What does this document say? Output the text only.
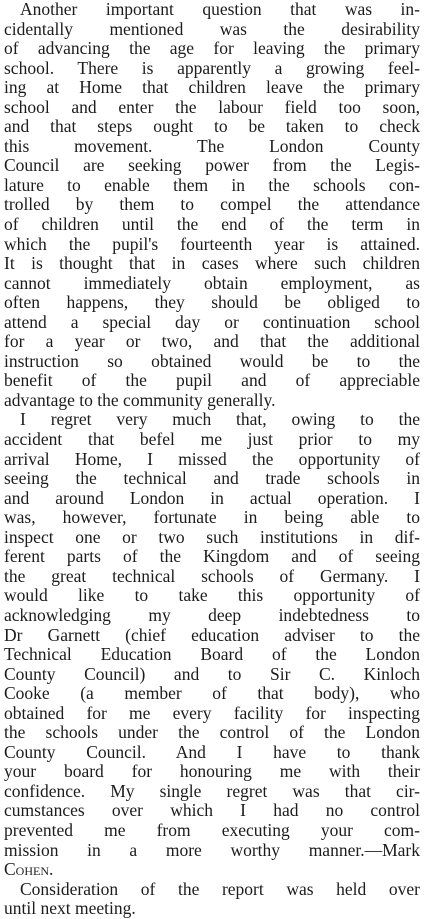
Another important question that was in-
cidentally mentioned was the desirability
of advancing the age for leaving the primary
school. There is apparently a growing feel-
ing at Home that children leave the primary
school and enter the labour field too soon,
and that steps ought to be taken to check
this movement. The London County
Council are seeking power from the Legis-
lature to enable them in the schools con-
trolled by them to compel the attendance
of children until the end of the term in
which the pupil's fourteenth year is attained.
It is thought that in cases where such children
cannot immediately obtain employment, as
often happens, they should be obliged to
attend a special day or continuation school
for a year or two, and that the additional
instruction so obtained would be to the
benefit of the pupil and of appreciable
advantage to the community generally.

I regret very much that, owing to the
accident that befel me just prior to my
arrival Home, I missed the opportunity of
seeing the technical and trade schools in
and around London in actual operation. I
was, however, fortunate in being able to
inspect one or two such institutions in dif-
ferent parts of the Kingdom and of seeing
the great technical schools of Germany. I
would like to take this opportunity of
acknowledging my deep indebtedness to
Dr Garnett (chief education adviser to the
Technical Education Board of the London
County Council) and to Sir C. Kinloch
Cooke (a member of that body), who
obtained for me every facility for inspecting
the schools under the control of the London
County Council. And I have to thank
your board for honouring me with their
confidence. My single regret was that cir-
cumstances over which I had no control
prevented me from executing your com-
mission in a more worthy manner.—Mark
Cohen.

Consideration of the report was held over
until next meeting.
